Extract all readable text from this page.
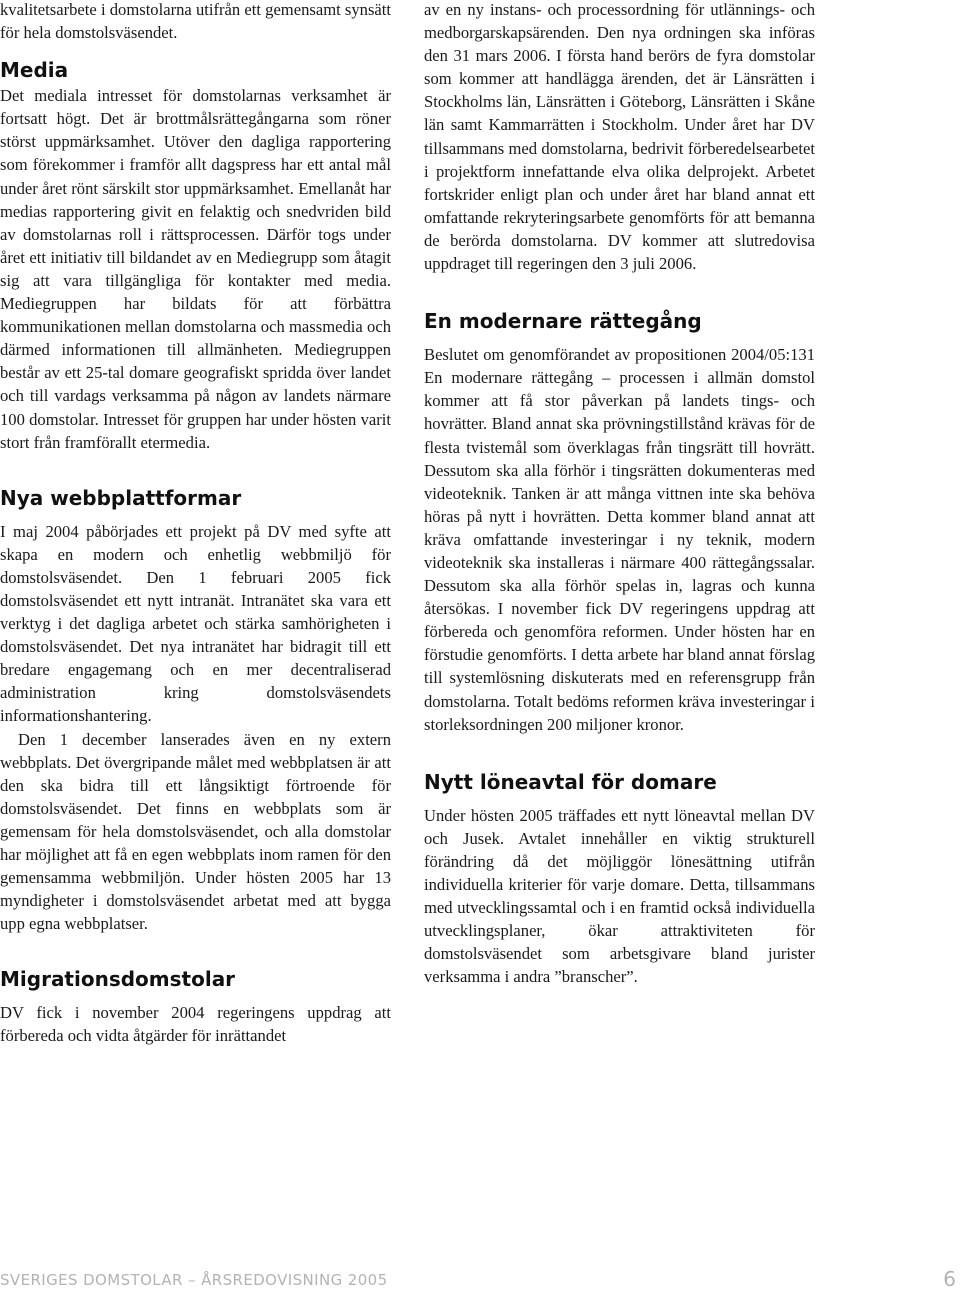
kvalitetsarbete i domstolarna utifrån ett gemensamt synsätt för hela domstolsväsendet.

Media

Det mediala intresset för domstolarnas verksamhet är fortsatt högt. Det är brottmålsrättegångarna som röner störst uppmärksamhet. Utöver den dagliga rapportering som förekommer i framför allt dagspress har ett antal mål under året rönt särskilt stor uppmärksamhet. Emellanåt har medias rapportering givit en felaktig och snedvriden bild av domstolarnas roll i rättsprocessen. Därför togs under året ett initiativ till bildandet av en Mediegrupp som åtagit sig att vara tillgängliga för kontakter med media. Mediegruppen har bildats för att förbättra kommunikationen mellan domstolarna och massmedia och därmed informationen till allmänheten. Mediegruppen består av ett 25-tal domare geografiskt spridda över landet och till vardags verksamma på någon av landets närmare 100 domstolar. Intresset för gruppen har under hösten varit stort från framförallt etermedia.

Nya webbplattformar

I maj 2004 påbörjades ett projekt på DV med syfte att skapa en modern och enhetlig webbmiljö för domstolsväsendet. Den 1 februari 2005 fick domstolsväsendet ett nytt intranät. Intranätet ska vara ett verktyg i det dagliga arbetet och stärka samhörigheten i domstolsväsendet. Det nya intranätet har bidragit till ett bredare engagemang och en mer decentraliserad administration kring domstolsväsendets informationshantering.

Den 1 december lanserades även en ny extern webbplats. Det övergripande målet med webbplatsen är att den ska bidra till ett långsiktigt förtroende för domstolsväsendet. Det finns en webbplats som är gemensam för hela domstolsväsendet, och alla domstolar har möjlighet att få en egen webbplats inom ramen för den gemensamma webbmiljön. Under hösten 2005 har 13 myndigheter i domstolsväsendet arbetat med att bygga upp egna webbplatser.

Migrationsdomstolar

DV fick i november 2004 regeringens uppdrag att förbereda och vidta åtgärder för inrättandet

av en ny instans- och processordning för utlännings- och medborgarskapsärenden. Den nya ordningen ska införas den 31 mars 2006. I första hand berörs de fyra domstolar som kommer att handlägga ärenden, det är Länsrätten i Stockholms län, Länsrätten i Göteborg, Länsrätten i Skåne län samt Kammarrätten i Stockholm. Under året har DV tillsammans med domstolarna, bedrivit förberedelsearbetet i projektform innefattande elva olika delprojekt. Arbetet fortskrider enligt plan och under året har bland annat ett omfattande rekryteringsarbete genomförts för att bemanna de berörda domstolarna. DV kommer att slutredovisa uppdraget till regeringen den 3 juli 2006.

En modernare rättegång

Beslutet om genomförandet av propositionen 2004/05:131 En modernare rättegång – processen i allmän domstol kommer att få stor påverkan på landets tings- och hovrätter. Bland annat ska prövningstillstånd krävas för de flesta tvistemål som överklagas från tingsrätt till hovrätt. Dessutom ska alla förhör i tingsrätten dokumenteras med videoteknik. Tanken är att många vittnen inte ska behöva höras på nytt i hovrätten. Detta kommer bland annat att kräva omfattande investeringar i ny teknik, modern videoteknik ska installeras i närmare 400 rättegångssalar. Dessutom ska alla förhör spelas in, lagras och kunna återsökas. I november fick DV regeringens uppdrag att förbereda och genomföra reformen. Under hösten har en förstudie genomförts. I detta arbete har bland annat förslag till systemlösning diskuterats med en referensgrupp från domstolarna. Totalt bedöms reformen kräva investeringar i storleksordningen 200 miljoner kronor.

Nytt löneavtal för domare

Under hösten 2005 träffades ett nytt löneavtal mellan DV och Jusek. Avtalet innehåller en viktig strukturell förändring då det möjliggör lönesättning utifrån individuella kriterier för varje domare. Detta, tillsammans med utvecklingssamtal och i en framtid också individuella utvecklingsplaner, ökar attraktiviteten för domstolsväsendet som arbetsgivare bland jurister verksamma i andra ”branscher”.

SVERIGES DOMSTOLAR – ÅRSREDOVISNING 2005	6
